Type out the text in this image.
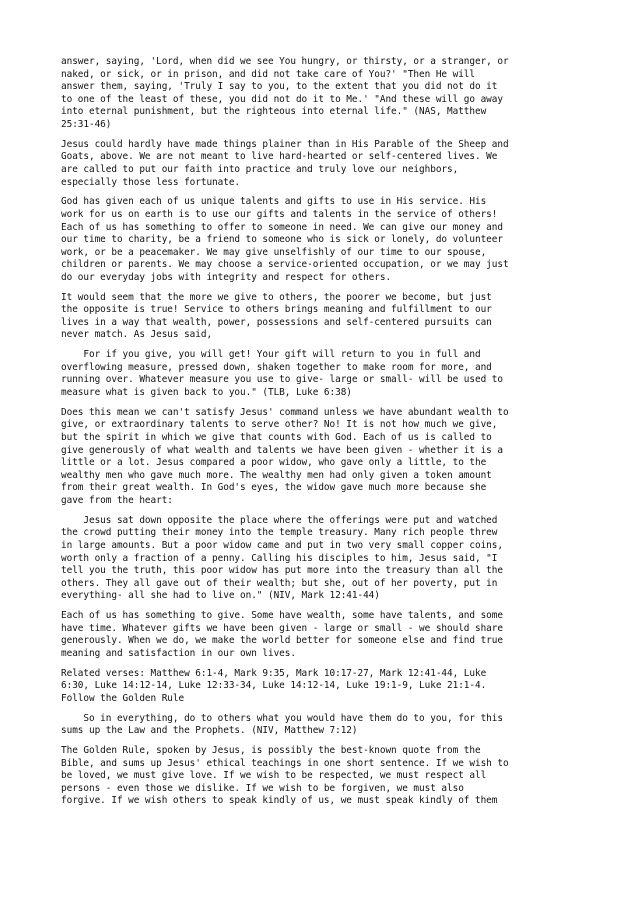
answer, saying, 'Lord, when did we see You hungry, or thirsty, or a stranger, or
naked, or sick, or in prison, and did not take care of You?' "Then He will
answer them, saying, 'Truly I say to you, to the extent that you did not do it
to one of the least of these, you did not do it to Me.' "And these will go away
into eternal punishment, but the righteous into eternal life." (NAS, Matthew
25:31-46)
Jesus could hardly have made things plainer than in His Parable of the Sheep and
Goats, above. We are not meant to live hard-hearted or self-centered lives. We
are called to put our faith into practice and truly love our neighbors,
especially those less fortunate.
God has given each of us unique talents and gifts to use in His service. His
work for us on earth is to use our gifts and talents in the service of others!
Each of us has something to offer to someone in need. We can give our money and
our time to charity, be a friend to someone who is sick or lonely, do volunteer
work, or be a peacemaker. We may give unselfishly of our time to our spouse,
children or parents. We may choose a service-oriented occupation, or we may just
do our everyday jobs with integrity and respect for others.
It would seem that the more we give to others, the poorer we become, but just
the opposite is true! Service to others brings meaning and fulfillment to our
lives in a way that wealth, power, possessions and self-centered pursuits can
never match. As Jesus said,
For if you give, you will get! Your gift will return to you in full and
overflowing measure, pressed down, shaken together to make room for more, and
running over. Whatever measure you use to give- large or small- will be used to
measure what is given back to you." (TLB, Luke 6:38)
Does this mean we can't satisfy Jesus' command unless we have abundant wealth to
give, or extraordinary talents to serve other? No! It is not how much we give,
but the spirit in which we give that counts with God. Each of us is called to
give generously of what wealth and talents we have been given - whether it is a
little or a lot. Jesus compared a poor widow, who gave only a little, to the
wealthy men who gave much more. The wealthy men had only given a token amount
from their great wealth. In God's eyes, the widow gave much more because she
gave from the heart:
Jesus sat down opposite the place where the offerings were put and watched
the crowd putting their money into the temple treasury. Many rich people threw
in large amounts. But a poor widow came and put in two very small copper coins,
worth only a fraction of a penny. Calling his disciples to him, Jesus said, "I
tell you the truth, this poor widow has put more into the treasury than all the
others. They all gave out of their wealth; but she, out of her poverty, put in
everything- all she had to live on." (NIV, Mark 12:41-44)
Each of us has something to give. Some have wealth, some have talents, and some
have time. Whatever gifts we have been given - large or small - we should share
generously. When we do, we make the world better for someone else and find true
meaning and satisfaction in our own lives.
Related verses: Matthew 6:1-4, Mark 9:35, Mark 10:17-27, Mark 12:41-44, Luke
6:30, Luke 14:12-14, Luke 12:33-34, Luke 14:12-14, Luke 19:1-9, Luke 21:1-4.
Follow the Golden Rule
So in everything, do to others what you would have them do to you, for this
sums up the Law and the Prophets. (NIV, Matthew 7:12)
The Golden Rule, spoken by Jesus, is possibly the best-known quote from the
Bible, and sums up Jesus' ethical teachings in one short sentence. If we wish to
be loved, we must give love. If we wish to be respected, we must respect all
persons - even those we dislike. If we wish to be forgiven, we must also
forgive. If we wish others to speak kindly of us, we must speak kindly of them
